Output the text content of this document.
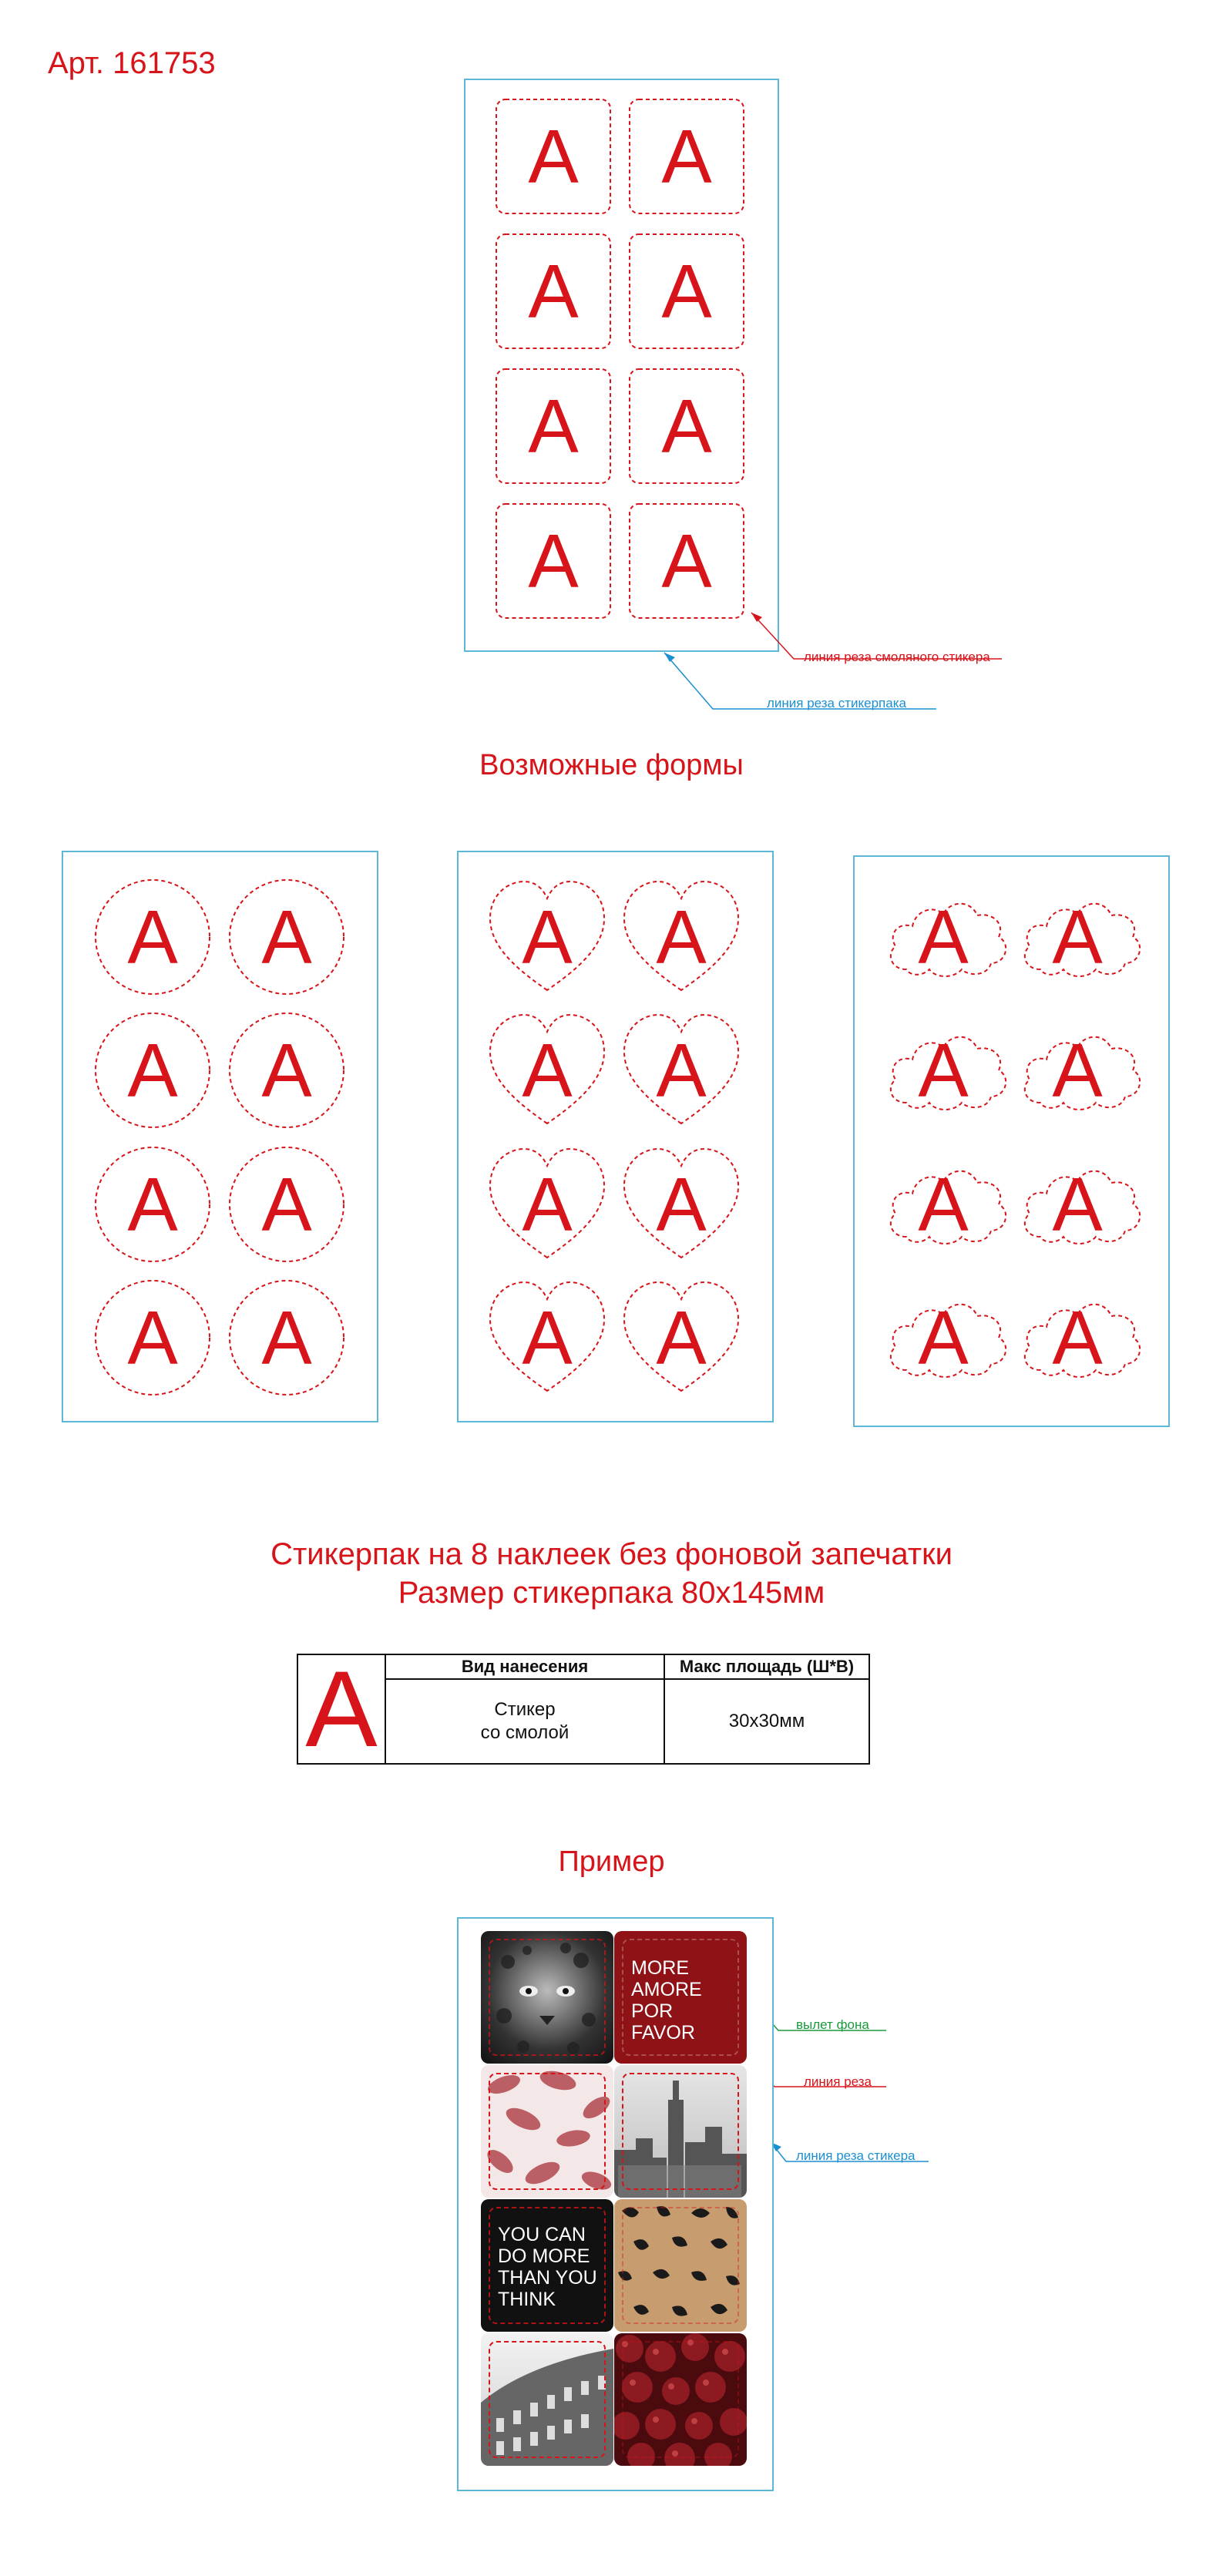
Арт. 161753
А	А
А	А
А	А
А	А
линия реза смоляного стикера
линия реза стикерпака
Возможные формы
А	А
А	А
А	А
А	А
А	А
А	А
А	А
А	А
А	А
А	А
А	А
А	А
Стикерпак на 8 наклеек без фоновой запечатки
Размер стикерпака 80х145мм
А	Вид нанесения	Макс площадь (Ш*В)

	Стикер
со смолой	30х30мм
Пример
MORE
AMORE
POR
FAVOR
YOU CAN
DO MORE
THAN YOU
THINK
вылет фона
линия реза
линия реза стикера
